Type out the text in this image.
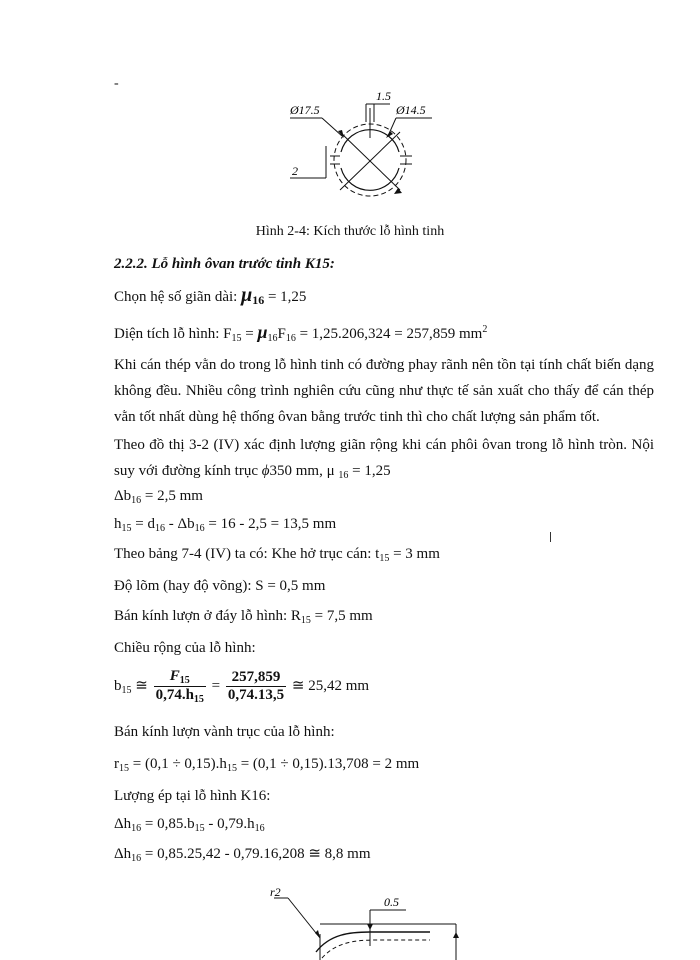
-
1.5
Ø17.5	Ø14.5
2
Hình 2-4: Kích thước lỗ hình tinh
2.2.2. Lỗ hình ôvan trước tinh K15:
Chọn hệ số giãn dài: $\mu_{16} = 1,25$
Diện tích lỗ hình: $F_{15} = \mu_{16}F_{16} = 1,25.206,324 = 257,859$ $mm^2$
Khi cán thép vằn do trong lỗ hình tinh có đường phay rãnh nên tồn tại tính chất biến dạng không đều. Nhiều công trình nghiên cứu cũng như thực tế sản xuất cho thấy để cán thép vằn tốt nhất dùng hệ thống ôvan bằng trước tinh thì cho chất lượng sản phẩm tốt.
Theo đồ thị 3-2 (IV) xác định lượng giãn rộng khi cán phôi ôvan trong lỗ hình tròn. Nội suy với đường kính trục ϕ350 mm, μ $_{16}$ = 1,25
$\Delta b_{16} = 2,5$ mm
$h_{15} = d_{16} - \Delta b_{16} = 16 - 2,5 = 13,5$ mm
Theo bảng 7-4 (IV) ta có: Khe hở trục cán: $t_{15} = 3$ mm
Độ lõm (hay độ võng): S = 0,5 mm
Bán kính lượn ở đáy lỗ hình: $R_{15} = 7,5$ mm
Chiều rộng của lỗ hình:
$b_{15}$ ≅ $\frac{F_{15}}{0,74.h_{15}} = \frac{257,859}{0,74.13,5}$ ≅ 25,42 mm
Bán kính lượn vành trục của lỗ hình:
$r_{15} = (0,1 \div 0,15).h_{15} = (0,1 \div 0,15).13,708 = 2$ mm
Lượng ép tại lỗ hình K16:
$\Delta h_{16} = 0,85.b_{15} - 0,79.h_{16}$
$\Delta h_{16} = 0,85.25,42 - 0,79.16,208$ ≅ 8,8 mm
r2
0.5
